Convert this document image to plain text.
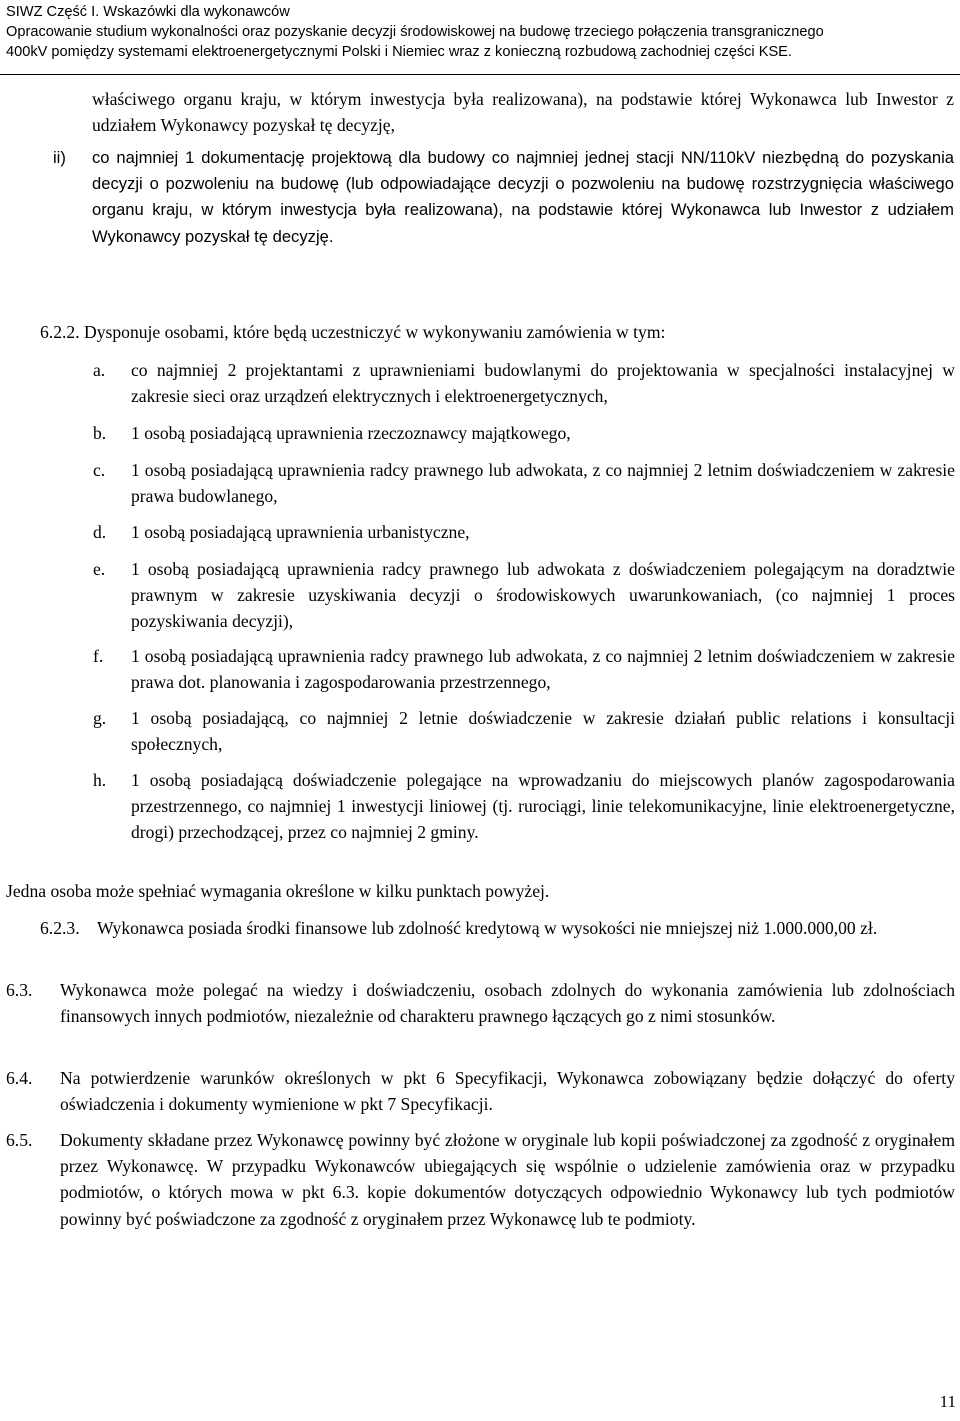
SIWZ Część I. Wskazówki dla wykonawców
Opracowanie studium wykonalności oraz pozyskanie decyzji środowiskowej na budowę trzeciego połączenia transgranicznego
400kV pomiędzy systemami elektroenergetycznymi Polski i Niemiec wraz z konieczną rozbudową zachodniej części KSE.
właściwego organu kraju, w którym inwestycja była realizowana), na podstawie której Wykonawca lub Inwestor z udziałem Wykonawcy pozyskał tę decyzję,
ii) co najmniej 1 dokumentację projektową dla budowy co najmniej jednej stacji NN/110kV niezbędną do pozyskania decyzji o pozwoleniu na budowę (lub odpowiadające decyzji o pozwoleniu na budowę rozstrzygnięcia właściwego organu kraju, w którym inwestycja była realizowana), na podstawie której Wykonawca lub Inwestor z udziałem Wykonawcy pozyskał tę decyzję.
6.2.2. Dysponuje osobami, które będą uczestniczyć w wykonywaniu zamówienia w tym:
a. co najmniej 2 projektantami z uprawnieniami budowlanymi do projektowania w specjalności instalacyjnej w zakresie sieci oraz urządzeń elektrycznych i elektroenergetycznych,
b. 1 osobą posiadającą uprawnienia rzeczoznawcy majątkowego,
c. 1 osobą posiadającą uprawnienia radcy prawnego lub adwokata, z co najmniej 2 letnim doświadczeniem w zakresie prawa budowlanego,
d. 1 osobą posiadającą uprawnienia urbanistyczne,
e. 1 osobą posiadającą uprawnienia radcy prawnego lub adwokata z doświadczeniem polegającym na doradztwie prawnym w zakresie uzyskiwania decyzji o środowiskowych uwarunkowaniach, (co najmniej 1 proces pozyskiwania decyzji),
f. 1 osobą posiadającą uprawnienia radcy prawnego lub adwokata, z co najmniej 2 letnim doświadczeniem w zakresie prawa dot. planowania i zagospodarowania przestrzennego,
g. 1 osobą posiadającą, co najmniej 2 letnie doświadczenie w zakresie działań public relations i konsultacji społecznych,
h. 1 osobą posiadającą doświadczenie polegające na wprowadzaniu do miejscowych planów zagospodarowania przestrzennego, co najmniej 1 inwestycji liniowej (tj. rurociągi, linie telekomunikacyjne, linie elektroenergetyczne, drogi) przechodzącej, przez co najmniej 2 gminy.
Jedna osoba może spełniać wymagania określone w kilku punktach powyżej.
6.2.3. Wykonawca posiada środki finansowe lub zdolność kredytową w wysokości nie mniejszej niż 1.000.000,00 zł.
6.3. Wykonawca może polegać na wiedzy i doświadczeniu, osobach zdolnych do wykonania zamówienia lub zdolnościach finansowych innych podmiotów, niezależnie od charakteru prawnego łączących go z nimi stosunków.
6.4. Na potwierdzenie warunków określonych w pkt 6 Specyfikacji, Wykonawca zobowiązany będzie dołączyć do oferty oświadczenia i dokumenty wymienione w pkt 7 Specyfikacji.
6.5. Dokumenty składane przez Wykonawcę powinny być złożone w oryginale lub kopii poświadczonej za zgodność z oryginałem przez Wykonawcę. W przypadku Wykonawców ubiegających się wspólnie o udzielenie zamówienia oraz w przypadku podmiotów, o których mowa w pkt 6.3. kopie dokumentów dotyczących odpowiednio Wykonawcy lub tych podmiotów powinny być poświadczone za zgodność z oryginałem przez Wykonawcę lub te podmioty.
11
